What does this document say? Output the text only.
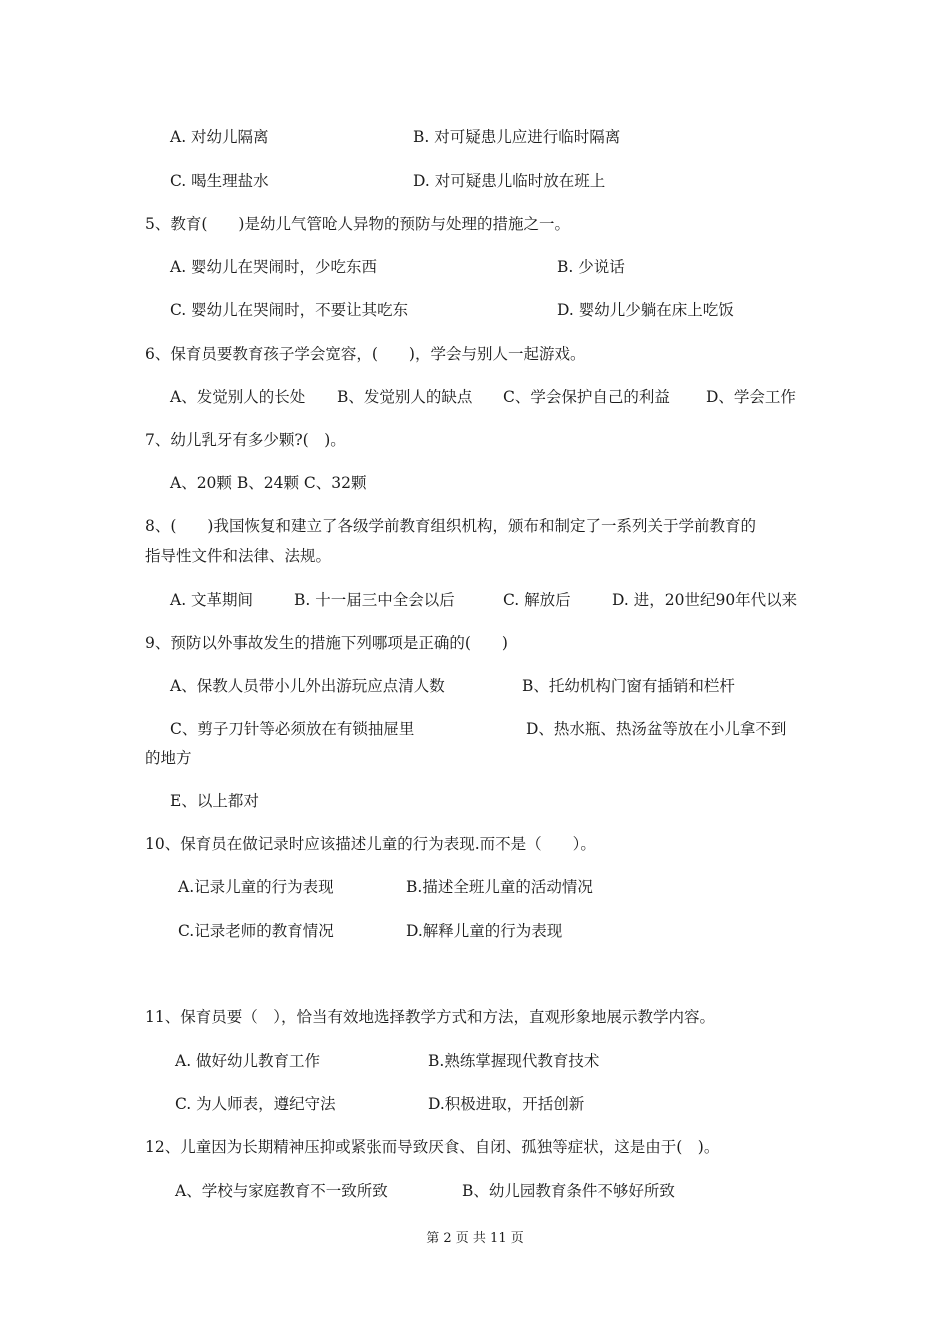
A. 对幼儿隔离	B. 对可疑患儿应进行临时隔离

C. 喝生理盐水	D. 对可疑患儿临时放在班上

5、教育(　　)是幼儿气管呛人异物的预防与处理的措施之一。

A. 婴幼儿在哭闹时，少吃东西	B. 少说话

C. 婴幼儿在哭闹时，不要让其吃东	D. 婴幼儿少躺在床上吃饭

6、保育员要教育孩子学会宽容，(　　)，学会与别人一起游戏。

A、发觉别人的长处 B、发觉别人的缺点 C、学会保护自己的利益 D、学会工作

7、幼儿乳牙有多少颗?(　)。

A、20颗 B、24颗 C、32颗

8、(　　)我国恢复和建立了各级学前教育组织机构，颁布和制定了一系列关于学前教育的

指导性文件和法律、法规。

A. 文革期间	B. 十一届三中全会以后	C. 解放后	D. 进，20世纪90年代以来

9、预防以外事故发生的措施下列哪项是正确的(　　)

A、保教人员带小儿外出游玩应点清人数	B、托幼机构门窗有插销和栏杆

C、剪子刀针等必须放在有锁抽屉里	D、热水瓶、热汤盆等放在小儿拿不到

的地方

E、以上都对

10、保育员在做记录时应该描述儿童的行为表现.而不是（　　）。

A.记录儿童的行为表现	B.描述全班儿童的活动情况

C.记录老师的教育情况	D.解释儿童的行为表现

11、保育员要（　），恰当有效地选择教学方式和方法，直观形象地展示教学内容。

A. 做好幼儿教育工作	B.熟练掌握现代教育技术

C. 为人师表，遵纪守法	D.积极进取，开括创新

12、儿童因为长期精神压抑或紧张而导致厌食、自闭、孤独等症状，这是由于(　)。

A、学校与家庭教育不一致所致	B、幼儿园教育条件不够好所致

第 2 页 共 11 页
